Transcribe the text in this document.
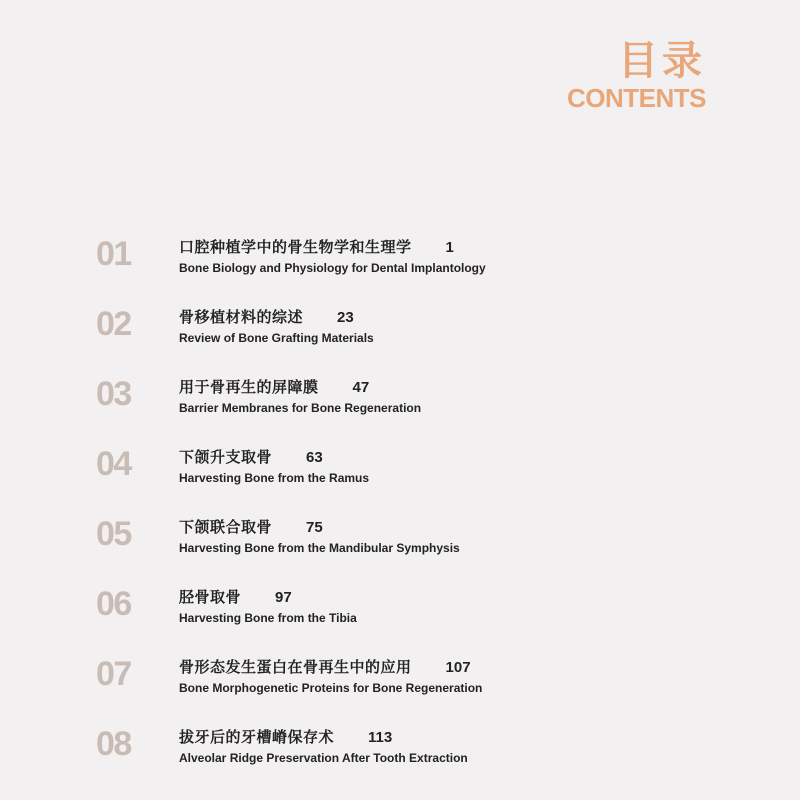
目录
CONTENTS
01	口腔种植学中的骨生物学和生理学 1
Bone Biology and Physiology for Dental Implantology
02	骨移植材料的综述 23
Review of Bone Grafting Materials
03	用于骨再生的屏障膜 47
Barrier Membranes for Bone Regeneration
04	下颌升支取骨 63
Harvesting Bone from the Ramus
05	下颌联合取骨 75
Harvesting Bone from the Mandibular Symphysis
06	胫骨取骨 97
Harvesting Bone from the Tibia
07	骨形态发生蛋白在骨再生中的应用 107
Bone Morphogenetic Proteins for Bone Regeneration
08	拔牙后的牙槽嵴保存术 113
Alveolar Ridge Preservation After Tooth Extraction
